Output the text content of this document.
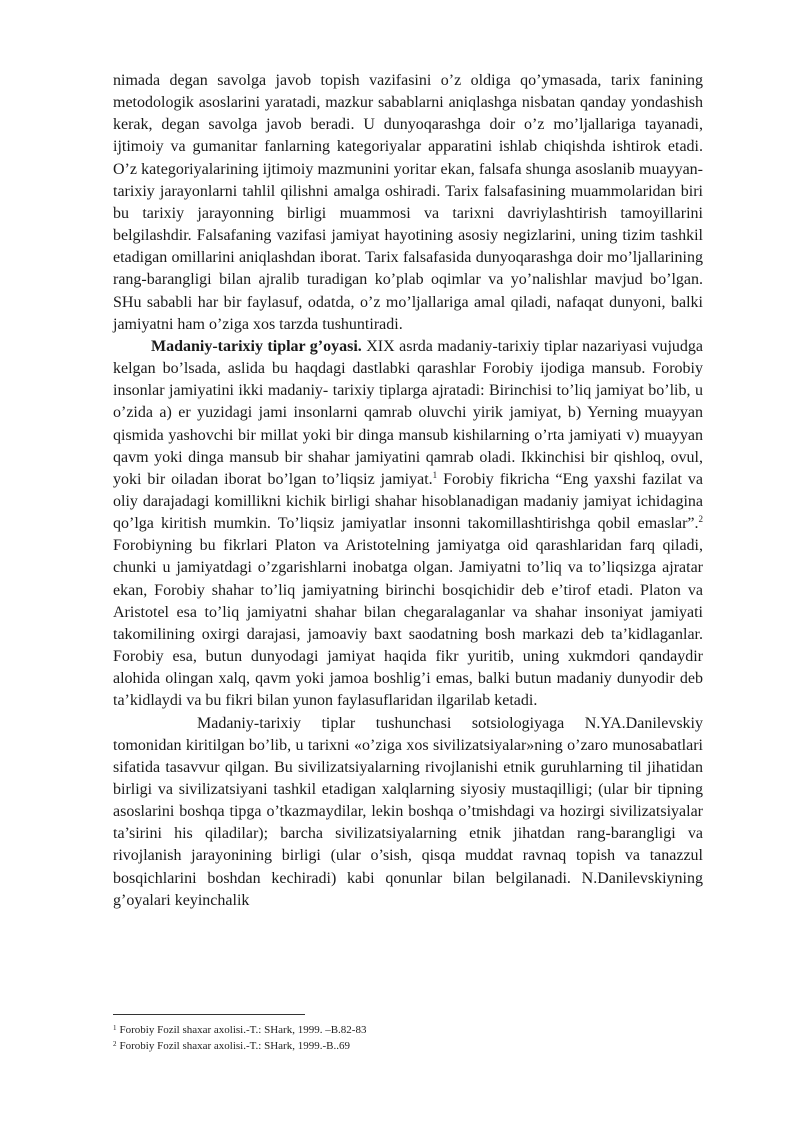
nimada degan savolga javob topish vazifasini o’z oldiga qo’ymasada, tarix fanining metodologik asoslarini yaratadi, mazkur sabablarni aniqlashga nisbatan qanday yondashish kerak, degan savolga javob beradi. U dunyoqarashga doir o’z mo’ljallariga tayanadi, ijtimoiy va gumanitar fanlarning kategoriyalar apparatini ishlab chiqishda ishtirok etadi. O’z kategoriyalarining ijtimoiy mazmunini yoritar ekan, falsafa shunga asoslanib muayyan-tarixiy jarayonlarni tahlil qilishni amalga oshiradi. Tarix falsafasining muammolaridan biri bu tarixiy jarayonning birligi muammosi va tarixni davriylashtirish tamoyillarini belgilashdir. Falsafaning vazifasi jamiyat hayotining asosiy negizlarini, uning tizim tashkil etadigan omillarini aniqlashdan iborat. Tarix falsafasida dunyoqarashga doir mo’ljallarining rang-barangligi bilan ajralib turadigan ko’plab oqimlar va yo’nalishlar mavjud bo’lgan. SHu sababli har bir faylasuf, odatda, o’z mo’ljallariga amal qiladi, nafaqat dunyoni, balki jamiyatni ham o’ziga xos tarzda tushuntiradi.

Madaniy-tarixiy tiplar g’oyasi. XIX asrda madaniy-tarixiy tiplar nazariyasi vujudga kelgan bo’lsada, aslida bu haqdagi dastlabki qarashlar Forobiy ijodiga mansub. Forobiy insonlar jamiyatini ikki madaniy- tarixiy tiplarga ajratadi: Birinchisi to’liq jamiyat bo’lib, u o’zida a) er yuzidagi jami insonlarni qamrab oluvchi yirik jamiyat, b) Yerning muayyan qismida yashovchi bir millat yoki bir dinga mansub kishilarning o’rta jamiyati v) muayyan qavm yoki dinga mansub bir shahar jamiyatini qamrab oladi. Ikkinchisi bir qishloq, ovul, yoki bir oiladan iborat bo’lgan to’liqsiz jamiyat.$^1$ Forobiy fikricha “Eng yaxshi fazilat va oliy darajadagi komillikni kichik birligi shahar hisoblanadigan madaniy jamiyat ichidagina qo’lga kiritish mumkin. To’liqsiz jamiyatlar insonni takomillashtirishga qobil emaslar”.$^2$ Forobiyning bu fikrlari Platon va Aristotelning jamiyatga oid qarashlaridan farq qiladi, chunki u jamiyatdagi o’zgarishlarni inobatga olgan. Jamiyatni to’liq va to’liqsizga ajratar ekan, Forobiy shahar to’liq jamiyatning birinchi bosqichidir deb e’tirof etadi. Platon va Aristotel esa to’liq jamiyatni shahar bilan chegaralaganlar va shahar insoniyat jamiyati takomilining oxirgi darajasi, jamoaviy baxt saodatning bosh markazi deb ta’kidlaganlar. Forobiy esa, butun dunyodagi jamiyat haqida fikr yuritib, uning xukmdori qandaydir alohida olingan xalq, qavm yoki jamoa boshlig’i emas, balki butun madaniy dunyodir deb ta’kidlaydi va bu fikri bilan yunon faylasuflaridan ilgarilab ketadi.

Madaniy-tarixiy tiplar tushunchasi sotsiologiyaga N.YA.Danilevskiy tomonidan kiritilgan bo’lib, u tarixni «o’ziga xos sivilizatsiyalar»ning o’zaro munosabatlari sifatida tasavvur qilgan. Bu sivilizatsiyalarning rivojlanishi etnik guruhlarning til jihatidan birligi va sivilizatsiyani tashkil etadigan xalqlarning siyosiy mustaqilligi; (ular bir tipning asoslarini boshqa tipga o’tkazmaydilar, lekin boshqa o’tmishdagi va hozirgi sivilizatsiyalar ta’sirini his qiladilar); barcha sivilizatsiyalarning etnik jihatdan rang-barangligi va rivojlanish jarayonining birligi (ular o’sish, qisqa muddat ravnaq topish va tanazzul bosqichlarini boshdan kechiradi) kabi qonunlar bilan belgilanadi. N.Danilevskiyning g’oyalari keyinchalik

$^1$ Forobiy Fozil shaxar axolisi.-T.: SHark, 1999. –B.82-83

$^2$ Forobiy Fozil shaxar axolisi.-T.: SHark, 1999.-B..69
